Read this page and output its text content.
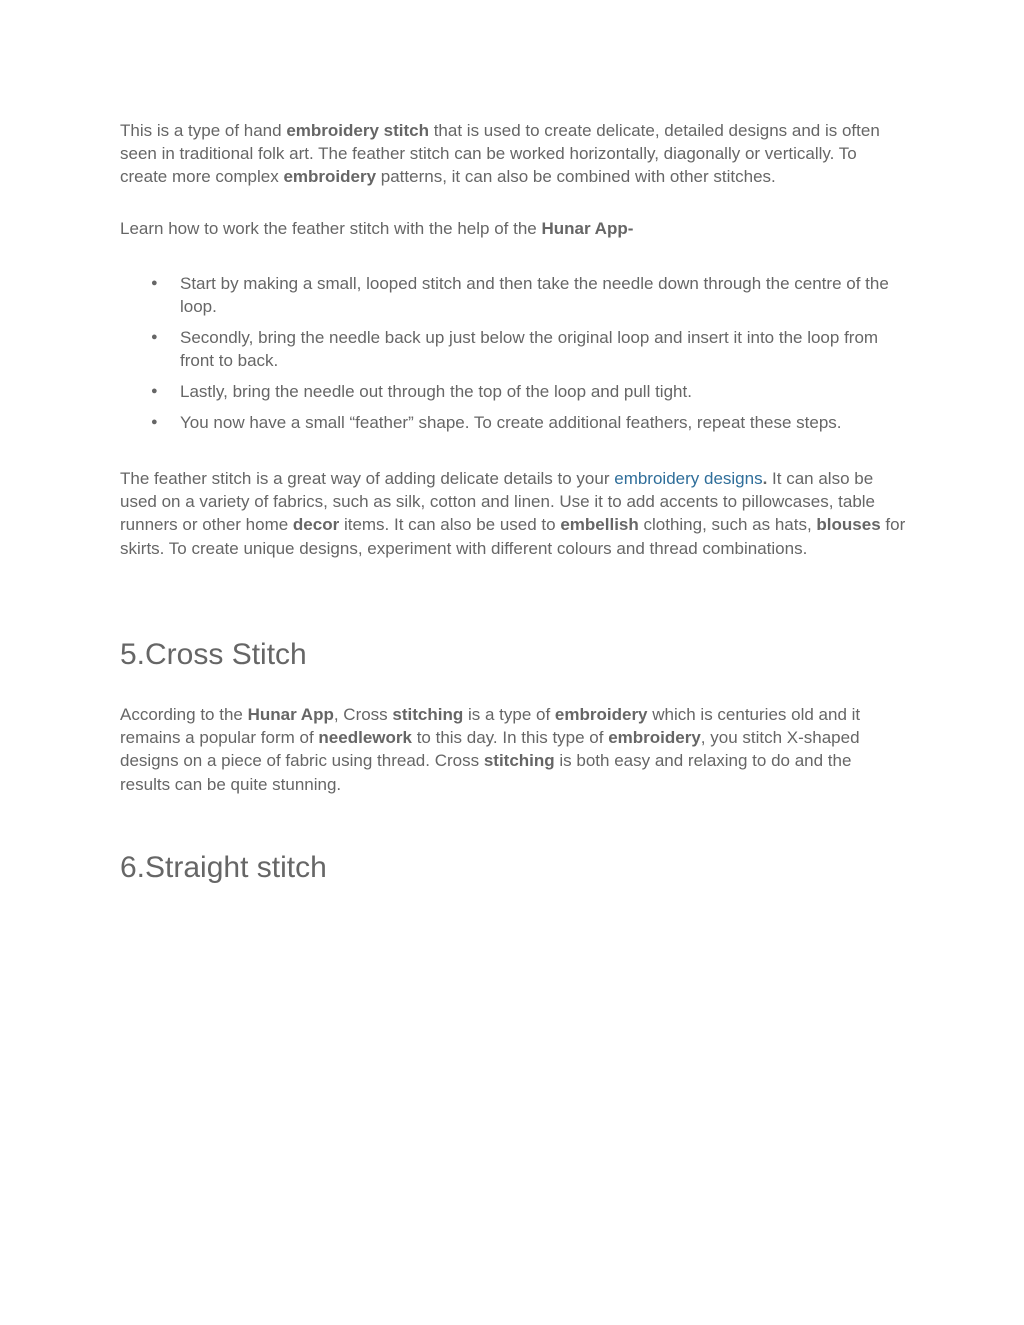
This is a type of hand embroidery stitch that is used to create delicate, detailed designs and is often seen in traditional folk art. The feather stitch can be worked horizontally, diagonally or vertically. To create more complex embroidery patterns, it can also be combined with other stitches.

Learn how to work the feather stitch with the help of the Hunar App-

● Start by making a small, looped stitch and then take the needle down through the centre of the loop.
● Secondly, bring the needle back up just below the original loop and insert it into the loop from front to back.
● Lastly, bring the needle out through the top of the loop and pull tight.
● You now have a small “feather” shape. To create additional feathers, repeat these steps.

The feather stitch is a great way of adding delicate details to your embroidery designs. It can also be used on a variety of fabrics, such as silk, cotton and linen. Use it to add accents to pillowcases, table runners or other home decor items. It can also be used to embellish clothing, such as hats, blouses for skirts. To create unique designs, experiment with different colours and thread combinations.

5.Cross Stitch

According to the Hunar App, Cross stitching is a type of embroidery which is centuries old and it remains a popular form of needlework to this day. In this type of embroidery, you stitch X-shaped designs on a piece of fabric using thread. Cross stitching is both easy and relaxing to do and the results can be quite stunning.

6.Straight stitch
